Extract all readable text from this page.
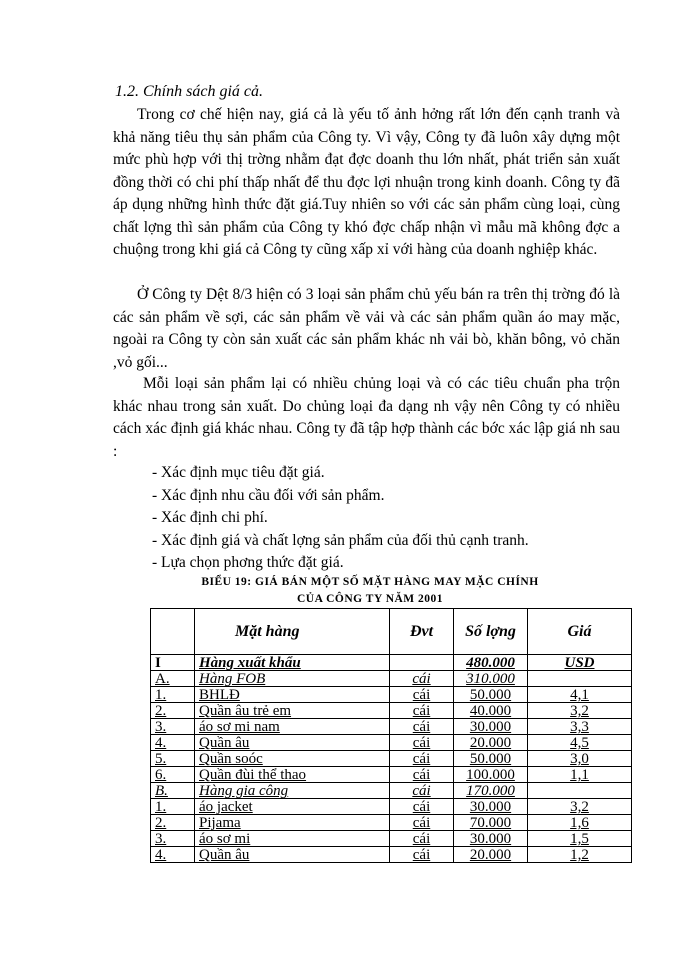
1.2. Chính sách giá cả.

Trong cơ chế hiện nay, giá cả là yếu tố ảnh hởng rất lớn đến cạnh tranh và khả năng tiêu thụ sản phẩm của Công ty. Vì vậy, Công ty đã luôn xây dựng một mức phù hợp với thị trờng nhằm đạt đợc doanh thu lớn nhất, phát triển sản xuất đồng thời có chi phí thấp nhất để thu đợc lợi nhuận trong kinh doanh. Công ty đã áp dụng những hình thức đặt giá.Tuy nhiên so với các sản phẩm cùng loại, cùng chất lợng thì sản phẩm của Công ty khó đợc chấp nhận vì mẫu mã không đợc a chuộng trong khi giá cả Công ty cũng xấp xỉ với hàng của doanh nghiệp khác.

Ở Công ty Dệt 8/3 hiện có 3 loại sản phẩm chủ yếu bán ra trên thị trờng đó là các sản phẩm về sợi, các sản phẩm về vải và các sản phẩm quần áo may mặc, ngoài ra Công ty còn sản xuất các sản phẩm khác nh vải bò, khăn bông, vỏ chăn ,vỏ gối...

Mỗi loại sản phẩm lại có nhiều chủng loại và có các tiêu chuẩn pha trộn khác nhau trong sản xuất. Do chủng loại đa dạng nh vậy nên Công ty có nhiều cách xác định giá khác nhau. Công ty đã tập hợp thành các bớc xác lập giá nh sau :

- Xác định mục tiêu đặt giá.
- Xác định nhu cầu đối với sản phẩm.
- Xác định chi phí.
- Xác định giá và chất lợng sản phẩm của đối thủ cạnh tranh.
- Lựa chọn phơng thức đặt giá.
BIỂU 19: GIÁ BÁN MỘT SỐ MẶT HÀNG MAY MẶC CHÍNH
CỦA CÔNG TY NĂM 2001
	Mặt hàng	Đvt	Số lợng	Giá
I	Hàng xuất khẩu		480.000	USD
A.	Hàng FOB	cái	310.000	
1.	BHLĐ	cái	50.000	4,1
2.	Quần âu trẻ em	cái	40.000	3,2
3.	áo sơ mi nam	cái	30.000	3,3
4.	Quần âu	cái	20.000	4,5
5.	Quần soóc	cái	50.000	3,0
6.	Quần đùi thể thao	cái	100.000	1,1
B.	Hàng gia công	cái	170.000	
1.	áo jacket	cái	30.000	3,2
2.	Pijama	cái	70.000	1,6
3.	áo sơ mi	cái	30.000	1,5
4.	Quần âu	cái	20.000	1,2
